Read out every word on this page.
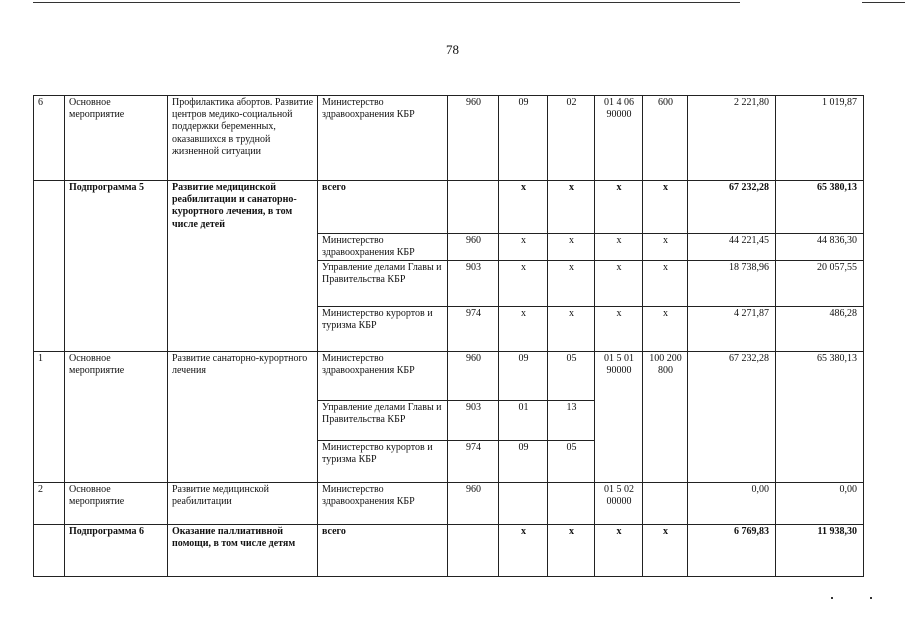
78
6	Основное мероприятие	Профилактика абортов. Развитие центров медико-социальной поддержки беременных, оказавшихся в трудной жизненной ситуации	Министерство здравоохранения КБР	960	09	02	01 4 06 90000	600	2 221,80	1 019,87
	Подпрограмма 5	Развитие медицинской реабилитации и санаторно-курортного лечения, в том числе детей	всего		x	x	x	x	67 232,28	65 380,13
			Министерство здравоохранения КБР	960	x	x	x	x	44 221,45	44 836,30
			Управление делами Главы и Правительства КБР	903	x	x	x	x	18 738,96	20 057,55
			Министерство курортов и туризма КБР	974	x	x	x	x	4 271,87	486,28
1	Основное мероприятие	Развитие санаторно-курортного лечения	Министерство здравоохранения КБР	960	09	05	01 5 01 90000	100 200 800	67 232,28	65 380,13
			Управление делами Главы и Правительства КБР	903	01	13				
			Министерство курортов и туризма КБР	974	09	05				
2	Основное мероприятие	Развитие медицинской реабилитации	Министерство здравоохранения КБР	960			01 5 02 00000		0,00	0,00
	Подпрограмма 6	Оказание паллиативной помощи, в том числе детям	всего		x	x	x	x	6 769,83	11 938,30
